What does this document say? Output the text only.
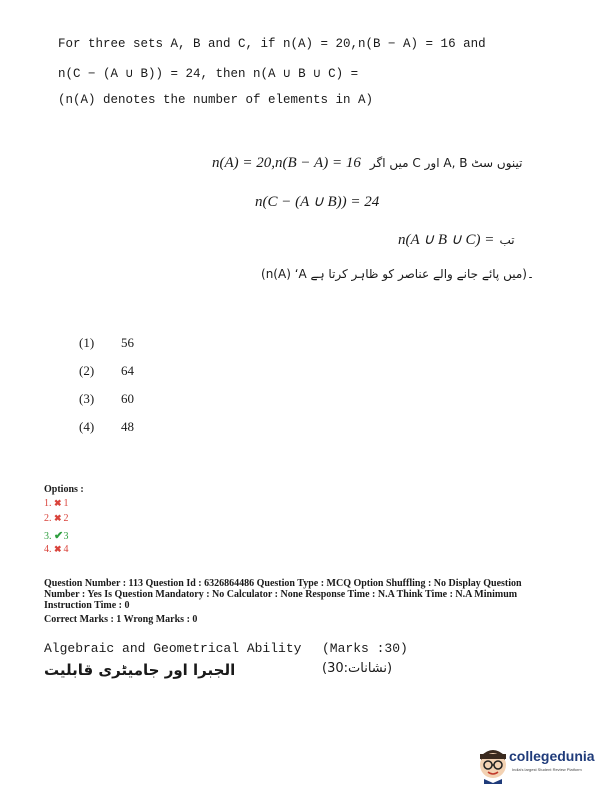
For three sets A, B and C, if n(A) = 20,n(B − A) = 16 and
n(C − (A ∪ B)) = 24, then n(A ∪ B ∪ C) =
(n(A) denotes the number of elements in A)
n(A) = 20,n(B − A) = 16 تینوں سٹ A, B اور C میں اگر
n(C − (A ∪ B)) = 24
n(A ∪ B ∪ C) = تب
(n(A) ‘A میں پائے جانے والے عناصر کو ظاہر کرتا ہے)۔
(1) 56
(2) 64
(3) 60
(4) 48
Options :
1. ✖ 1
2. ✖ 2
3. ✔ 3
4. ✖ 4
Question Number : 113 Question Id : 6326864486 Question Type : MCQ Option Shuffling : No Display Question
Number : Yes Is Question Mandatory : No Calculator : None Response Time : N.A Think Time : N.A Minimum
Instruction Time : 0
Correct Marks : 1 Wrong Marks : 0
Algebraic and Geometrical Ability (Marks :30)
الجبرا اور جامیٹری قابلیت	(نشانات:30)
collegedunia
India's largest Student Review Platform
